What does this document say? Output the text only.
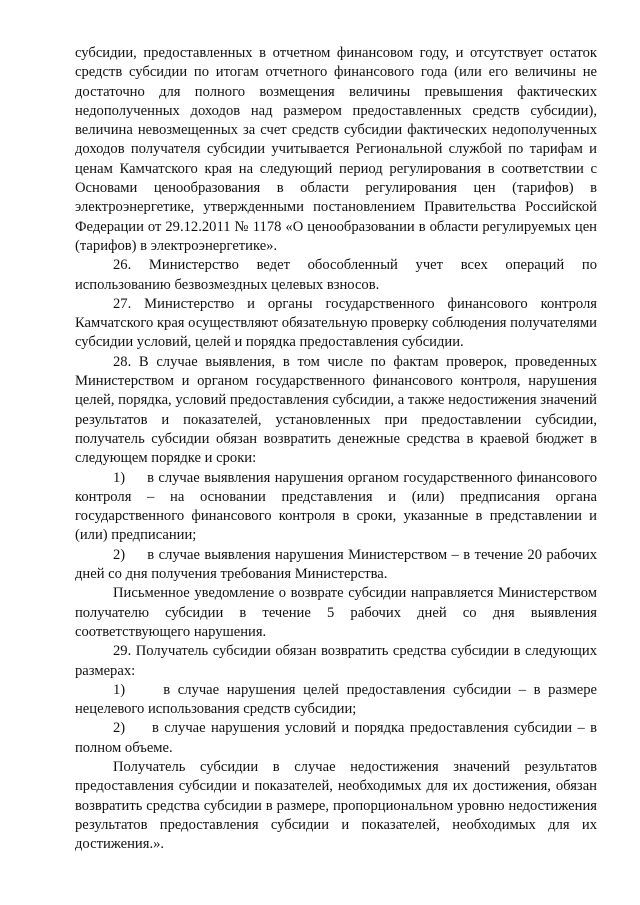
субсидии, предоставленных в отчетном финансовом году, и отсутствует остаток средств субсидии по итогам отчетного финансового года (или его величины не достаточно для полного возмещения величины превышения фактических недополученных доходов над размером предоставленных средств субсидии), величина невозмещенных за счет средств субсидии фактических недополученных доходов получателя субсидии учитывается Региональной службой по тарифам и ценам Камчатского края на следующий период регулирования в соответствии с Основами ценообразования в области регулирования цен (тарифов) в электроэнергетике, утвержденными постановлением Правительства Российской Федерации от 29.12.2011 № 1178 «О ценообразовании в области регулируемых цен (тарифов) в электроэнергетике».

26. Министерство ведет обособленный учет всех операций по использованию безвозмездных целевых взносов.

27. Министерство и органы государственного финансового контроля Камчатского края осуществляют обязательную проверку соблюдения получателями субсидии условий, целей и порядка предоставления субсидии.

28. В случае выявления, в том числе по фактам проверок, проведенных Министерством и органом государственного финансового контроля, нарушения целей, порядка, условий предоставления субсидии, а также недостижения значений результатов и показателей, установленных при предоставлении субсидии, получатель субсидии обязан возвратить денежные средства в краевой бюджет в следующем порядке и сроки:

1)     в случае выявления нарушения органом государственного финансового контроля – на основании представления и (или) предписания органа государственного финансового контроля в сроки, указанные в представлении и (или) предписании;

2)     в случае выявления нарушения Министерством – в течение 20 рабочих дней со дня получения требования Министерства.

Письменное уведомление о возврате субсидии направляется Министерством получателю субсидии в течение 5 рабочих дней со дня выявления соответствующего нарушения.

29. Получатель субсидии обязан возвратить средства субсидии в следующих размерах:

1)     в случае нарушения целей предоставления субсидии – в размере нецелевого использования средств субсидии;

2)     в случае нарушения условий и порядка предоставления субсидии – в полном объеме.

Получатель субсидии в случае недостижения значений результатов предоставления субсидии и показателей, необходимых для их достижения, обязан возвратить средства субсидии в размере, пропорциональном уровню недостижения результатов предоставления субсидии и показателей, необходимых для их достижения.».
